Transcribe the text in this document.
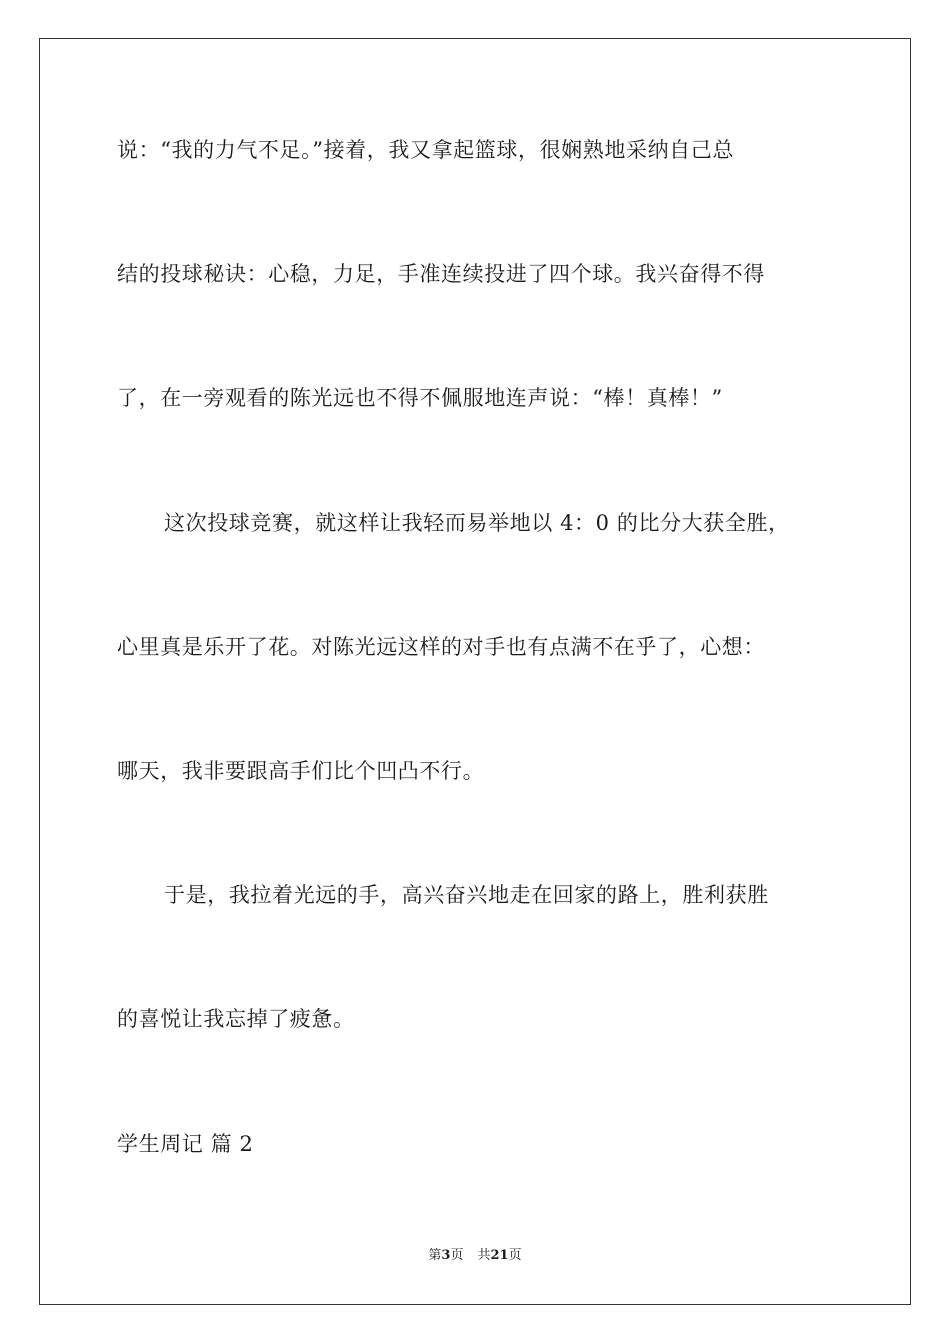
说：“我的力气不足。”接着，我又拿起篮球，很娴熟地采纳自己总
结的投球秘诀：心稳，力足，手准连续投进了四个球。我兴奋得不得
了，在一旁观看的陈光远也不得不佩服地连声说：“棒！真棒！”
这次投球竞赛，就这样让我轻而易举地以 4：0 的比分大获全胜，
心里真是乐开了花。对陈光远这样的对手也有点满不在乎了，心想：
哪天，我非要跟高手们比个凹凸不行。
于是，我拉着光远的手，高兴奋兴地走在回家的路上，胜利获胜
的喜悦让我忘掉了疲惫。
学生周记 篇 2
第3页 共21页
